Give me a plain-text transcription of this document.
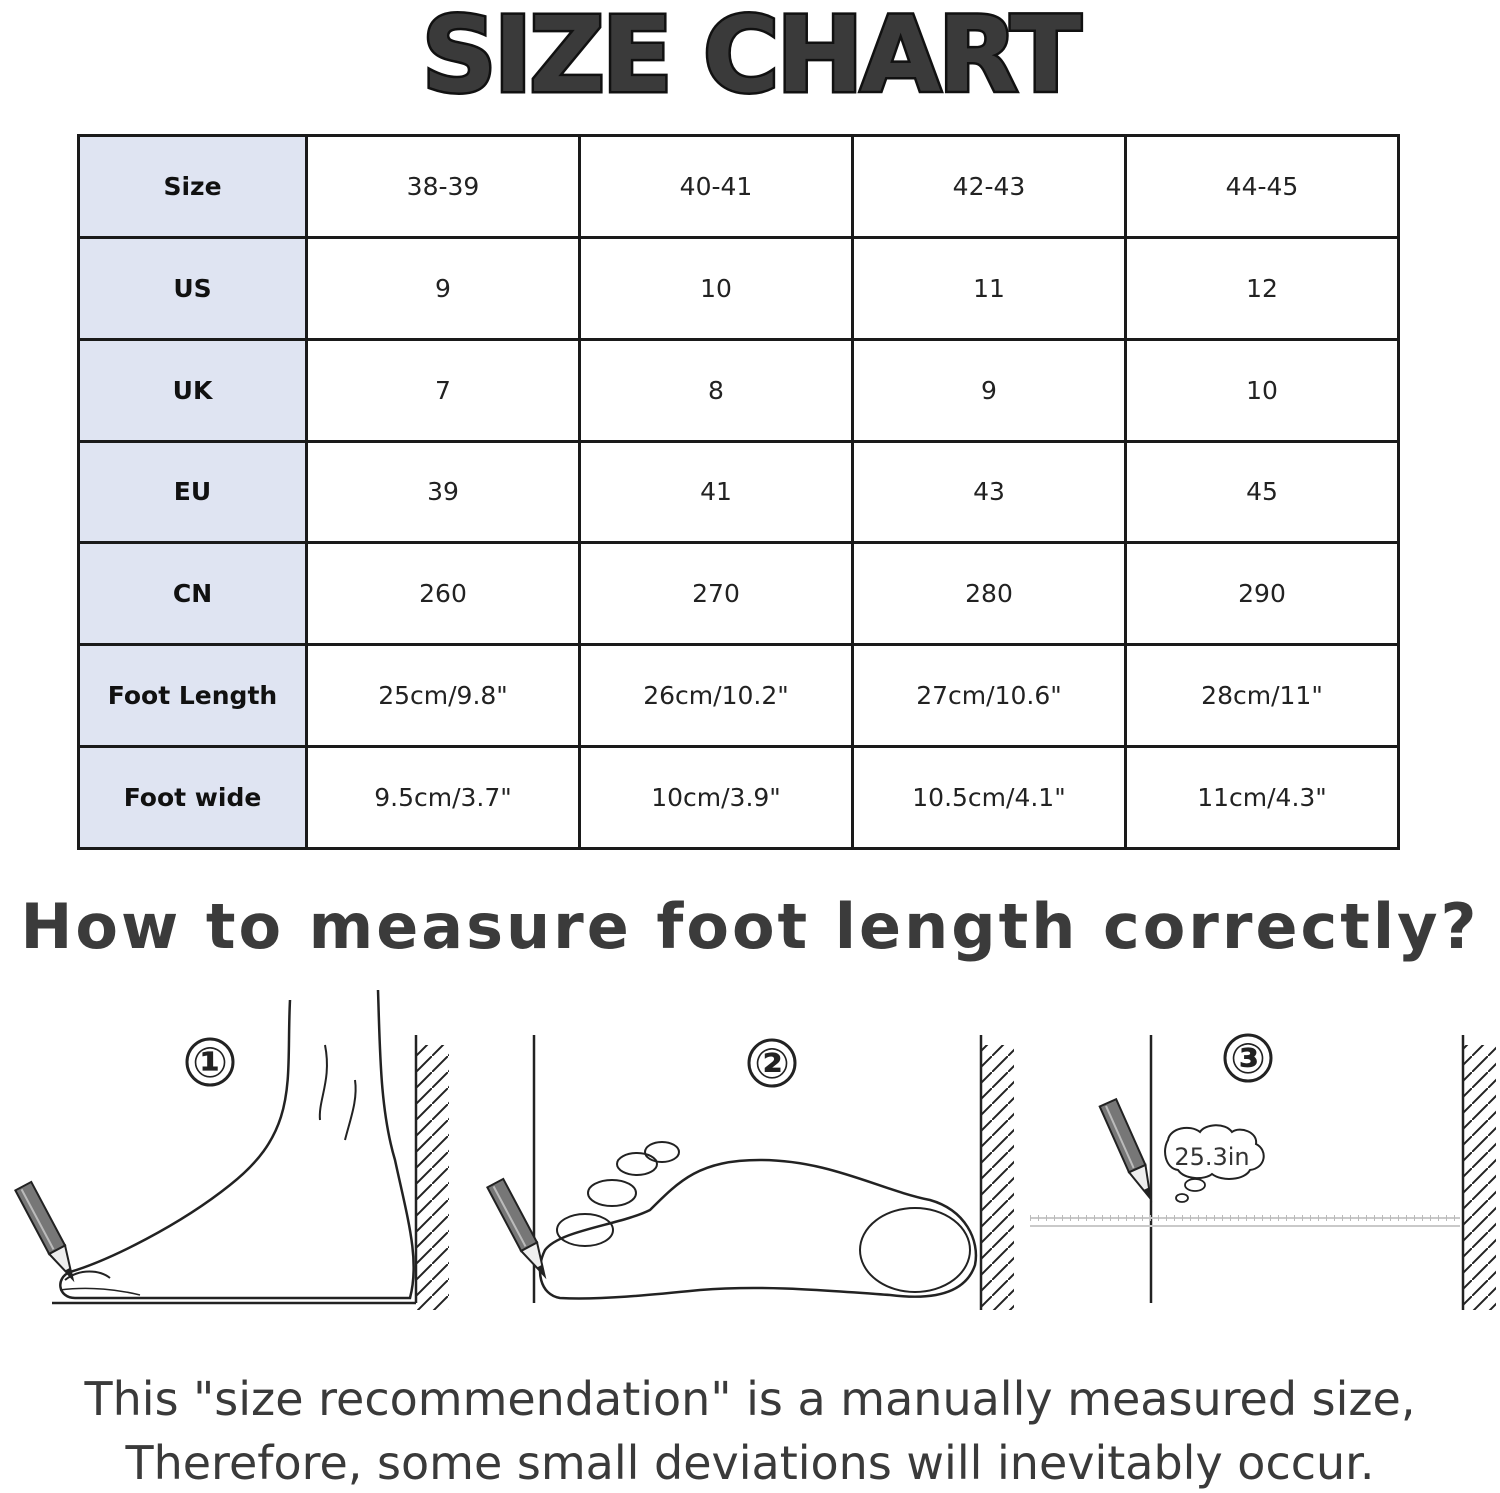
SIZE CHART
Size	38-39	40-41	42-43	44-45
US	9	10	11	12
UK	7	8	9	10
EU	39	41	43	45
CN	260	270	280	290
Foot Length	25cm/9.8"	26cm/10.2"	27cm/10.6"	28cm/11"
Foot wide	9.5cm/3.7"	10cm/3.9"	10.5cm/4.1"	11cm/4.3"
How to measure foot length correctly?
①	②
25.3in
③
This "size recommendation" is a manually measured size,
Therefore, some small deviations will inevitably occur.
